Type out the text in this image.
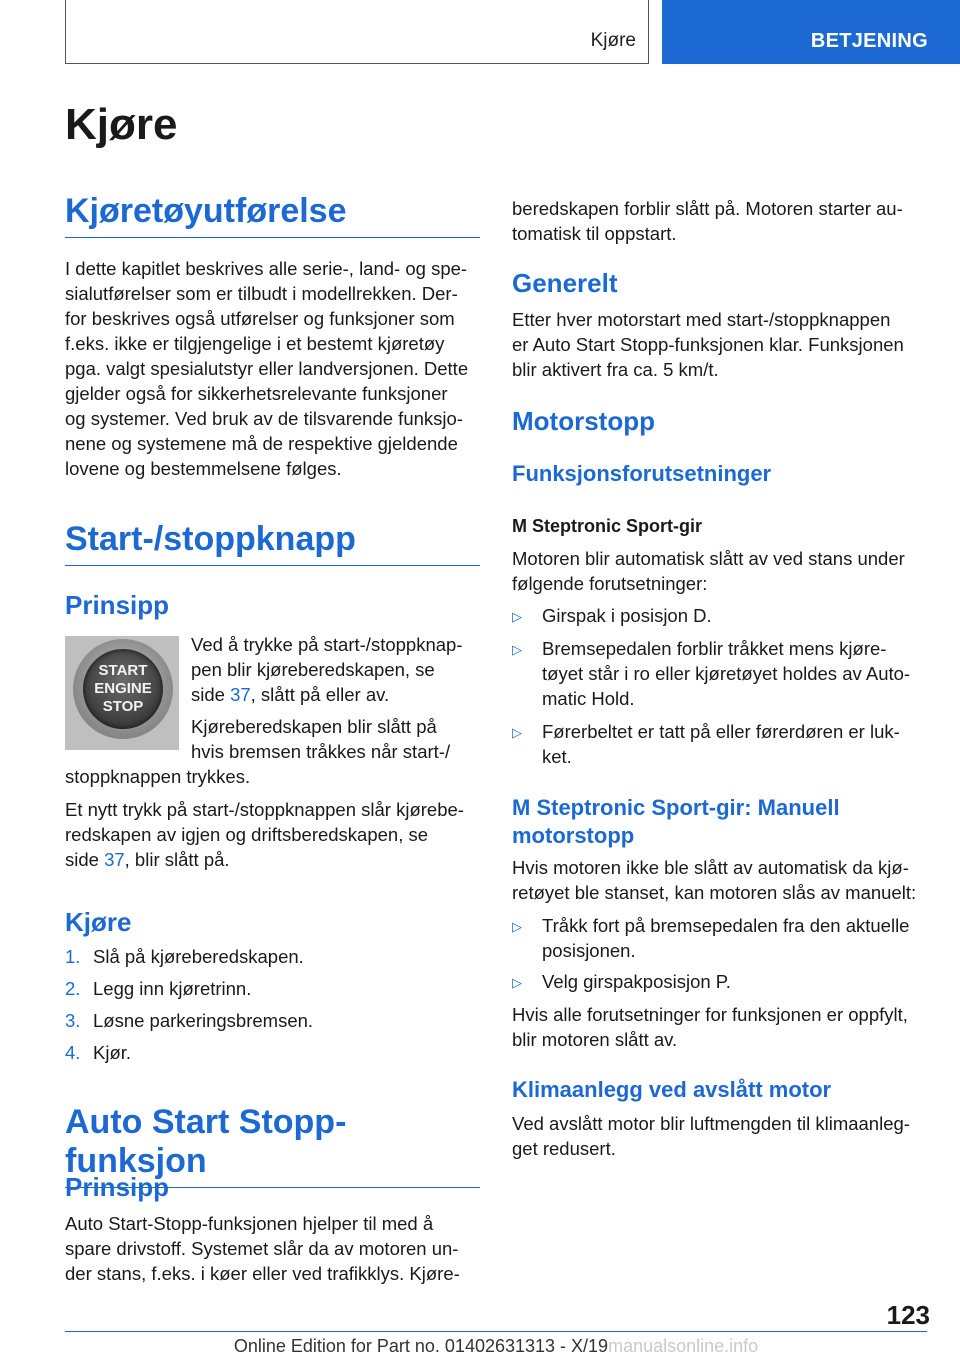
Kjøre	BETJENING
Kjøre
Kjøretøyutførelse

I dette kapitlet beskrives alle serie-, land- og spe-

sialutførelser som er tilbudt i modellrekken. Der-

for beskrives også utførelser og funksjoner som

f.eks. ikke er tilgjengelige i et bestemt kjøretøy

pga. valgt spesialutstyr eller landversjonen. Dette

gjelder også for sikkerhetsrelevante funksjoner

og systemer. Ved bruk av de tilsvarende funksjo-

nene og systemene må de respektive gjeldende

lovene og bestemmelsene følges.

Start-/stoppknapp
Prinsipp
START
ENGINE
STOP

Ved å trykke på start-/stoppknap-

pen blir kjøreberedskapen, se

side 37, slått på eller av.

Kjøreberedskapen blir slått på

hvis bremsen tråkkes når start-/

stoppknappen trykkes.

Et nytt trykk på start-/stoppknappen slår kjørebe-

redskapen av igjen og driftsberedskapen, se

side 37, blir slått på.

Kjøre
1. Slå på kjøreberedskapen.
2. Legg inn kjøretrinn.
3. Løsne parkeringsbremsen.
4. Kjør.
Auto Start Stopp-funksjon
Prinsipp

Auto Start-Stopp-funksjonen hjelper til med å

spare drivstoff. Systemet slår da av motoren un-

der stans, f.eks. i køer eller ved trafikklys. Kjøre-

beredskapen forblir slått på. Motoren starter au-

tomatisk til oppstart.

Generelt

Etter hver motorstart med start-/stoppknappen

er Auto Start Stopp-funksjonen klar. Funksjonen

blir aktivert fra ca. 5 km/t.

Motorstopp
Funksjonsforutsetninger
M Steptronic Sport-gir

Motoren blir automatisk slått av ved stans under

følgende forutsetninger:

▷ Girspak i posisjon D.

▷ Bremsepedalen forblir tråkket mens kjøre-

tøyet står i ro eller kjøretøyet holdes av Auto-

matic Hold.

▷ Førerbeltet er tatt på eller førerdøren er luk-

ket.

M Steptronic Sport-gir: Manuell
motorstopp

Hvis motoren ikke ble slått av automatisk da kjø-

retøyet ble stanset, kan motoren slås av manuelt:

▷ Tråkk fort på bremsepedalen fra den aktuelle

posisjonen.

▷ Velg girspakposisjon P.

Hvis alle forutsetninger for funksjonen er oppfylt,

blir motoren slått av.

Klimaanlegg ved avslått motor

Ved avslått motor blir luftmengden til klimaanleg-

get redusert.

123
Online Edition for Part no. 01402631313 - X/19manualsonline.info
